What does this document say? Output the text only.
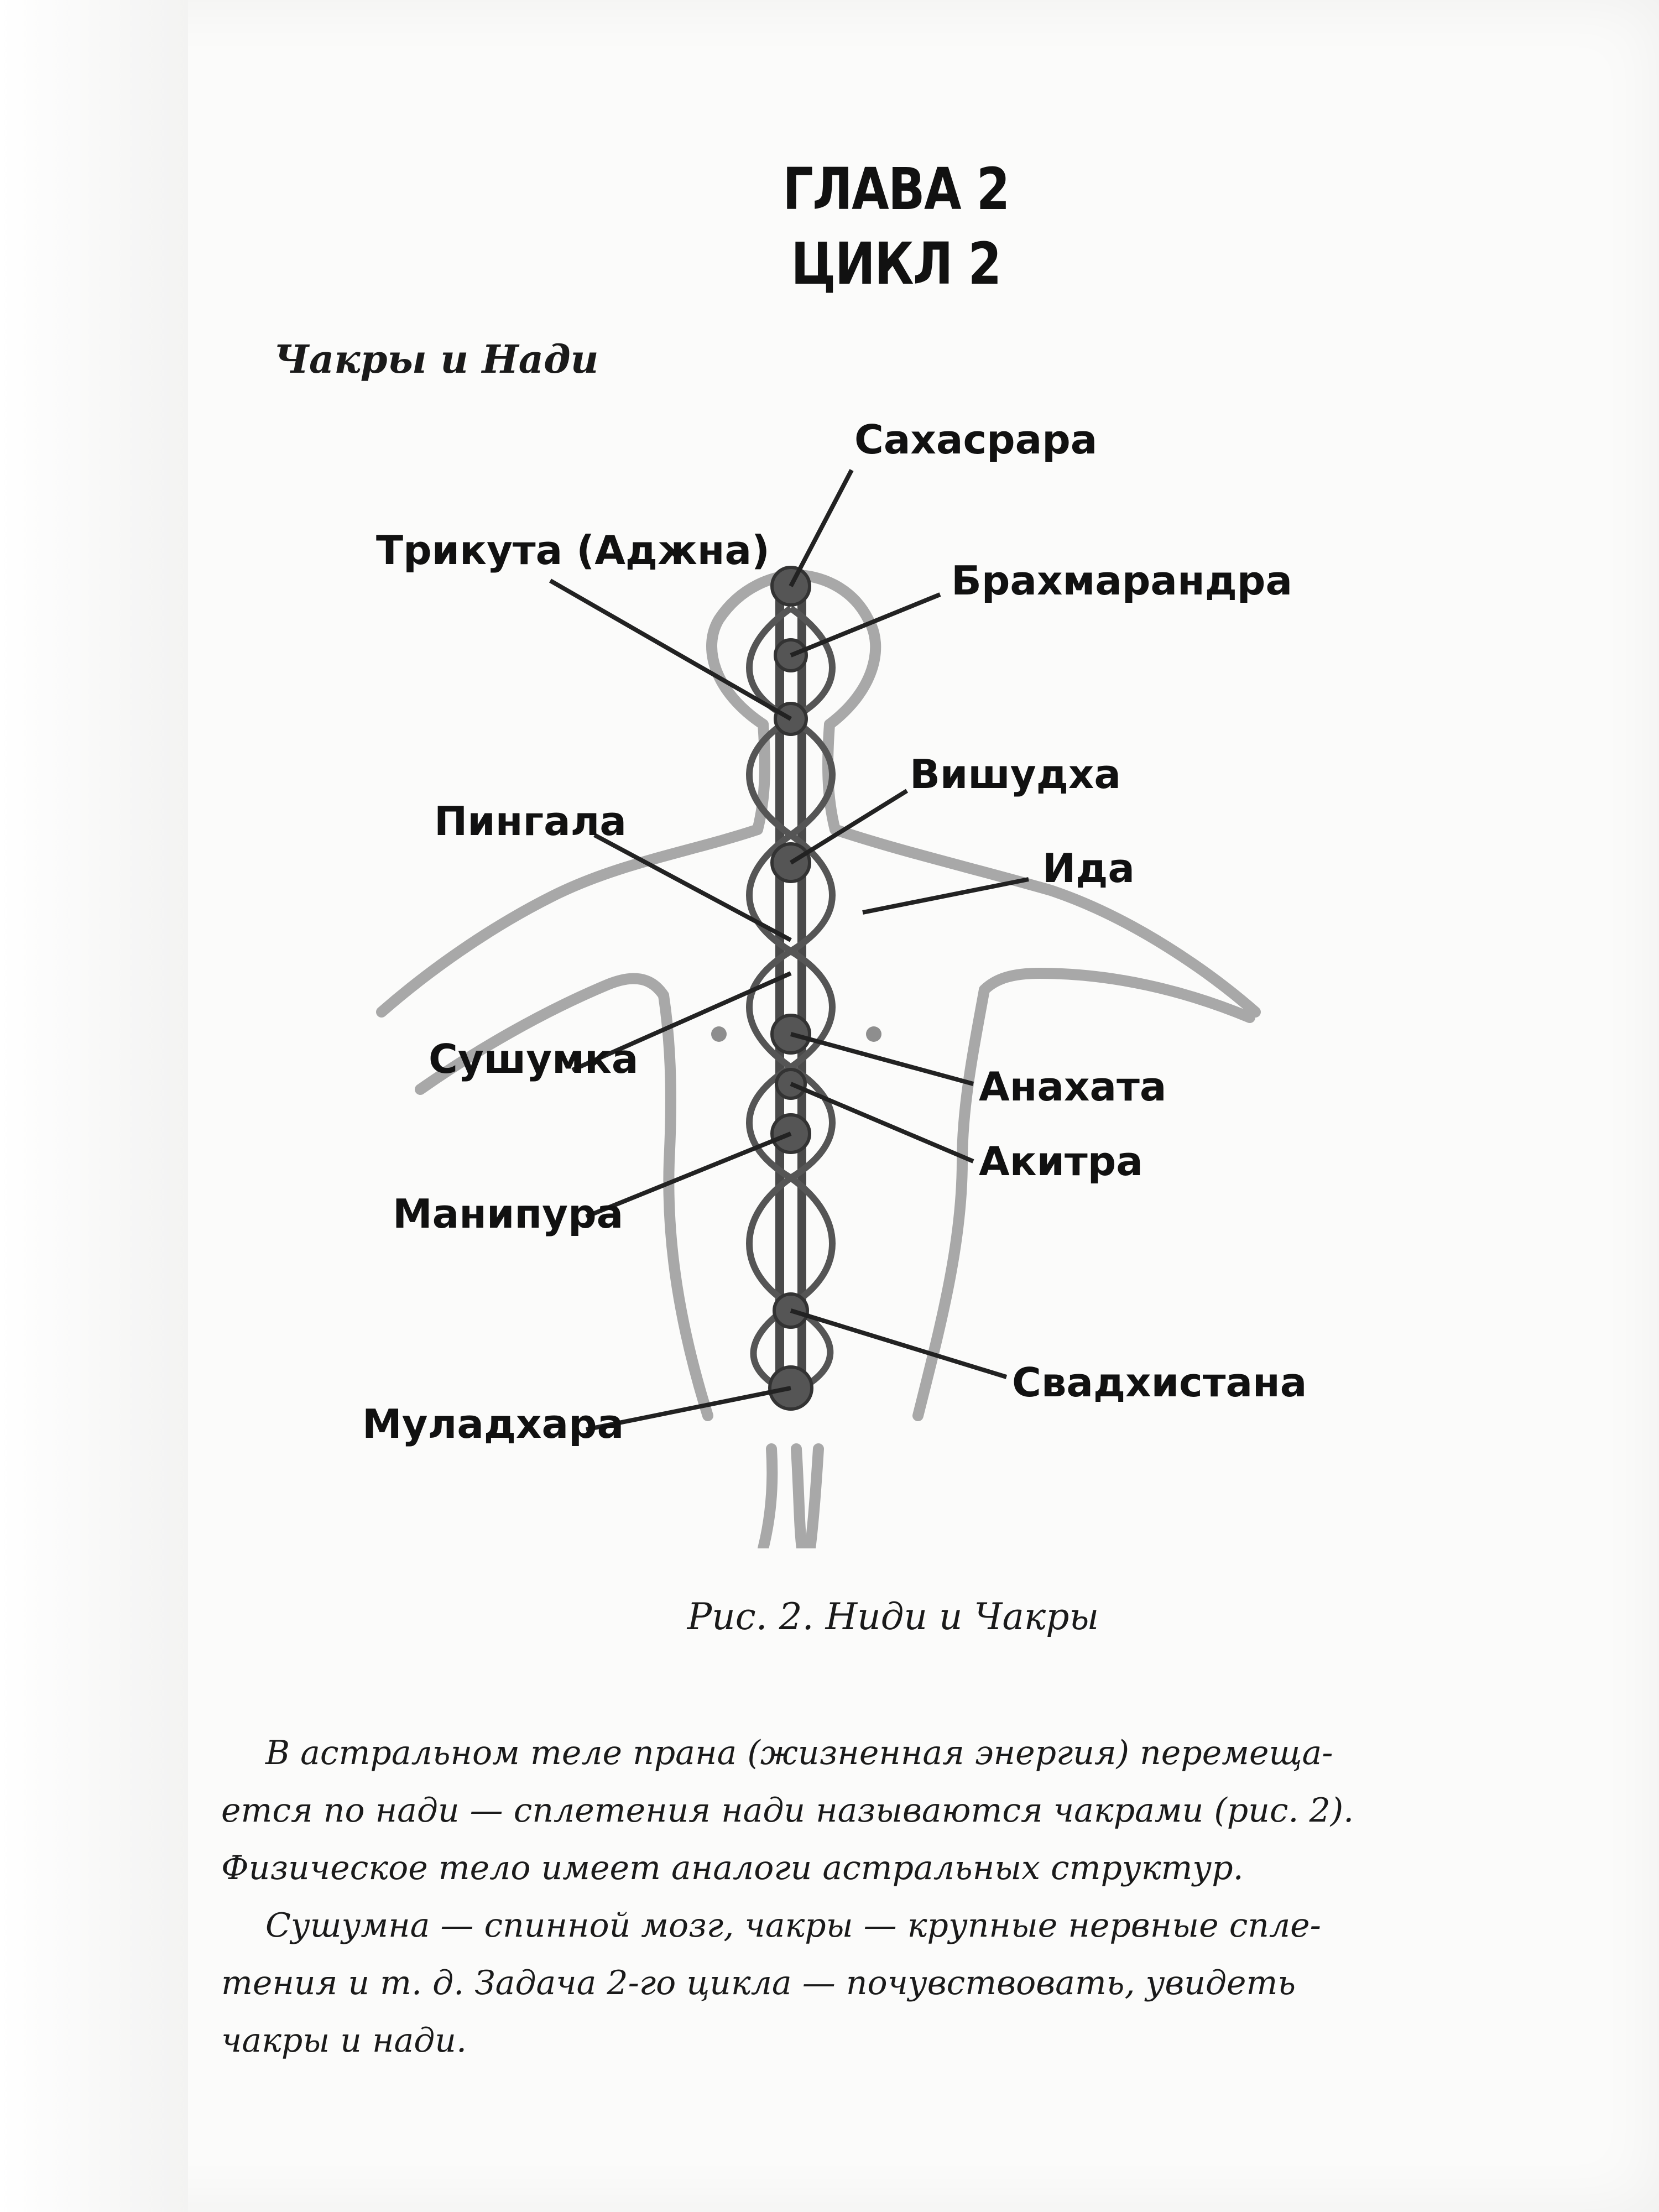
ГЛАВА 2
ЦИКЛ 2
Чакры и Нади
Сахасрара
Трикута (Аджна)
Брахмарандра
Вишудха
Пингала
Ида
Сушумка
Анахата
Акитра
Манипура
Свадхистана
Муладхара
Рис. 2. Ниди и Чакры

В астральном теле прана (жизненная энергия) перемеща-
ется по нади — сплетения нади называются чакрами (рис. 2).
Физическое тело имеет аналоги астральных структур.

Сушумна — спинной мозг, чакры — крупные нервные спле-
тения и т. д. Задача 2-го цикла — почувствовать, увидеть
чакры и нади.
